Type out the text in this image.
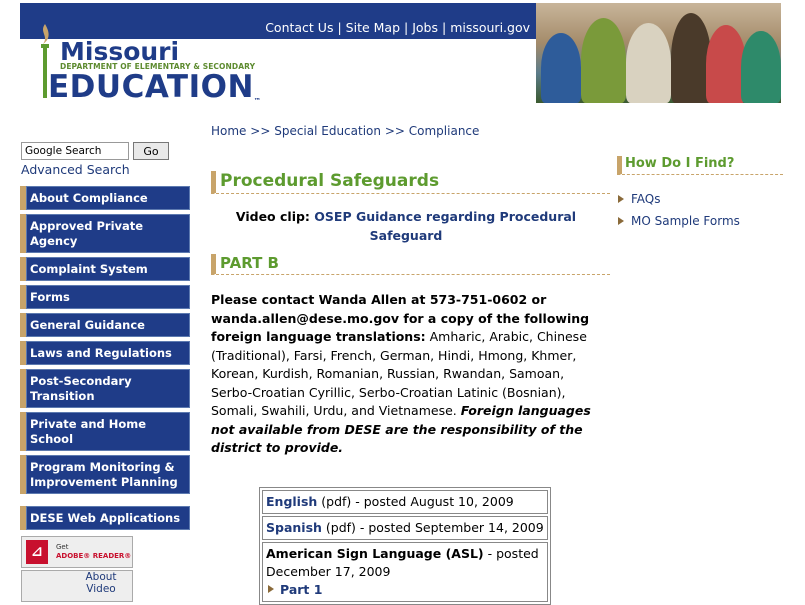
Contact Us | Site Map | Jobs | missouri.gov
Missouri
DEPARTMENT OF ELEMENTARY & SECONDARY
EDUCATION™
Google Search
Go
Advanced Search
About Compliance
Approved Private Agency
Complaint System
Forms
General Guidance
Laws and Regulations
Post-Secondary Transition
Private and Home School
Program Monitoring & Improvement Planning
DESE Web Applications
⊿	Get
ADOBE® READER®
About Video
Home >> Special Education >> Compliance
Procedural Safeguards
Video clip: OSEP Guidance regarding Procedural Safeguard
PART B
Please contact Wanda Allen at 573-751-0602 or wanda.allen@dese.mo.gov for a copy of the following foreign language translations: Amharic, Arabic, Chinese (Traditional), Farsi, French, German, Hindi, Hmong, Khmer, Korean, Kurdish, Romanian, Russian, Rwandan, Samoan, Serbo-Croatian Cyrillic, Serbo-Croatian Latinic (Bosnian), Somali, Swahili, Urdu, and Vietnamese. Foreign languages not available from DESE are the responsibility of the district to provide.
English (pdf) - posted August 10, 2009
Spanish (pdf) - posted September 14, 2009
American Sign Language (ASL) - posted December 17, 2009
Part 1
How Do I Find?
FAQs
MO Sample Forms
